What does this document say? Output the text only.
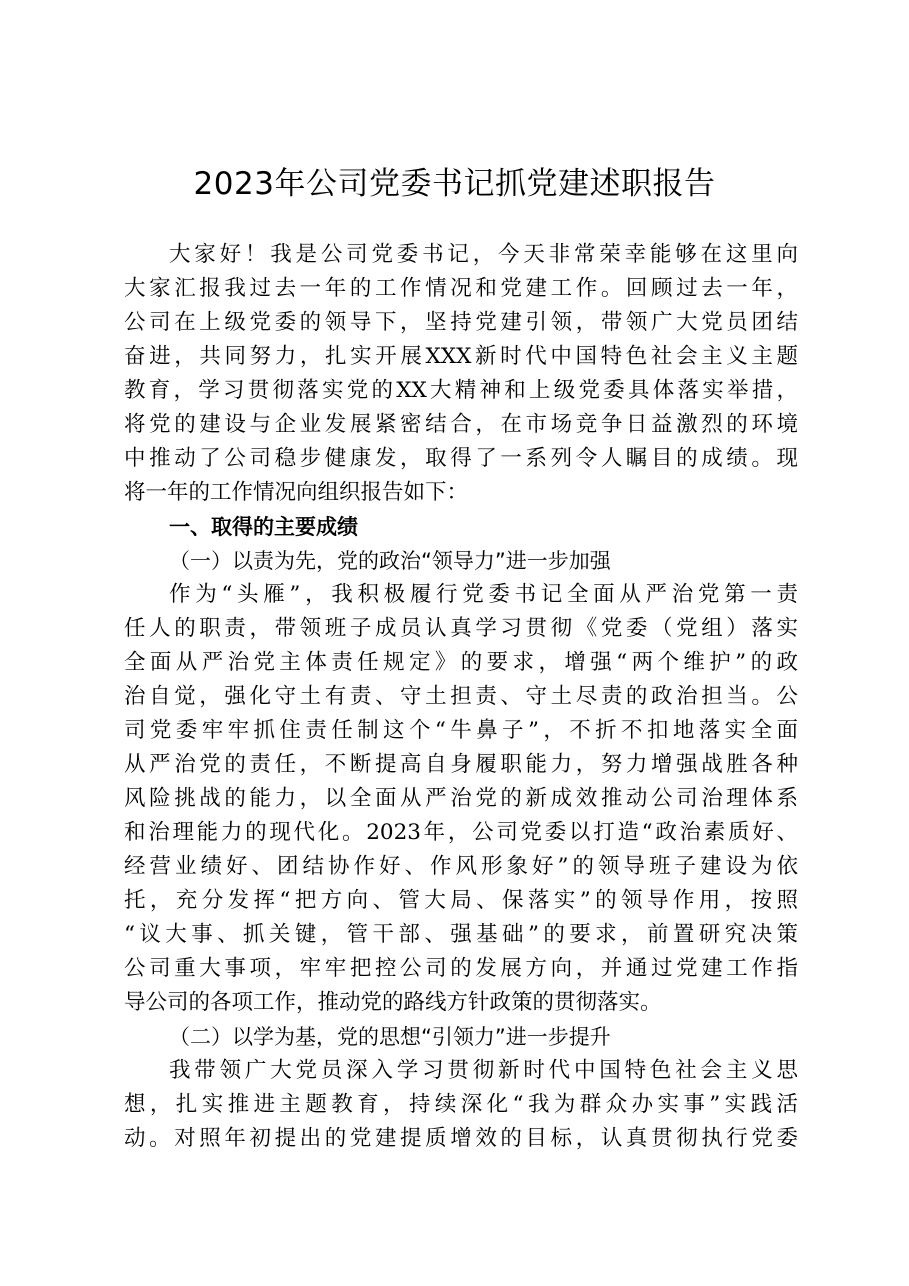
2023年公司党委书记抓党建述职报告
大家好！我是公司党委书记，今天非常荣幸能够在这里向
大家汇报我过去一年的工作情况和党建工作。回顾过去一年，
公司在上级党委的领导下，坚持党建引领，带领广大党员团结
奋进，共同努力，扎实开展XXX新时代中国特色社会主义主题
教育，学习贯彻落实党的XX大精神和上级党委具体落实举措，
将党的建设与企业发展紧密结合，在市场竞争日益激烈的环境
中推动了公司稳步健康发，取得了一系列令人瞩目的成绩。现
将一年的工作情况向组织报告如下：
一、取得的主要成绩
（一）以责为先，党的政治“领导力”进一步加强
作为“头雁”，我积极履行党委书记全面从严治党第一责
任人的职责，带领班子成员认真学习贯彻《党委（党组）落实
全面从严治党主体责任规定》的要求，增强“两个维护”的政
治自觉，强化守土有责、守土担责、守土尽责的政治担当。公
司党委牢牢抓住责任制这个“牛鼻子”，不折不扣地落实全面
从严治党的责任，不断提高自身履职能力，努力增强战胜各种
风险挑战的能力，以全面从严治党的新成效推动公司治理体系
和治理能力的现代化。2023年，公司党委以打造“政治素质好、
经营业绩好、团结协作好、作风形象好”的领导班子建设为依
托，充分发挥“把方向、管大局、保落实”的领导作用，按照
“议大事、抓关键，管干部、强基础”的要求，前置研究决策
公司重大事项，牢牢把控公司的发展方向，并通过党建工作指
导公司的各项工作，推动党的路线方针政策的贯彻落实。
（二）以学为基，党的思想“引领力”进一步提升
我带领广大党员深入学习贯彻新时代中国特色社会主义思
想，扎实推进主题教育，持续深化“我为群众办实事”实践活
动。对照年初提出的党建提质增效的目标，认真贯彻执行党委
